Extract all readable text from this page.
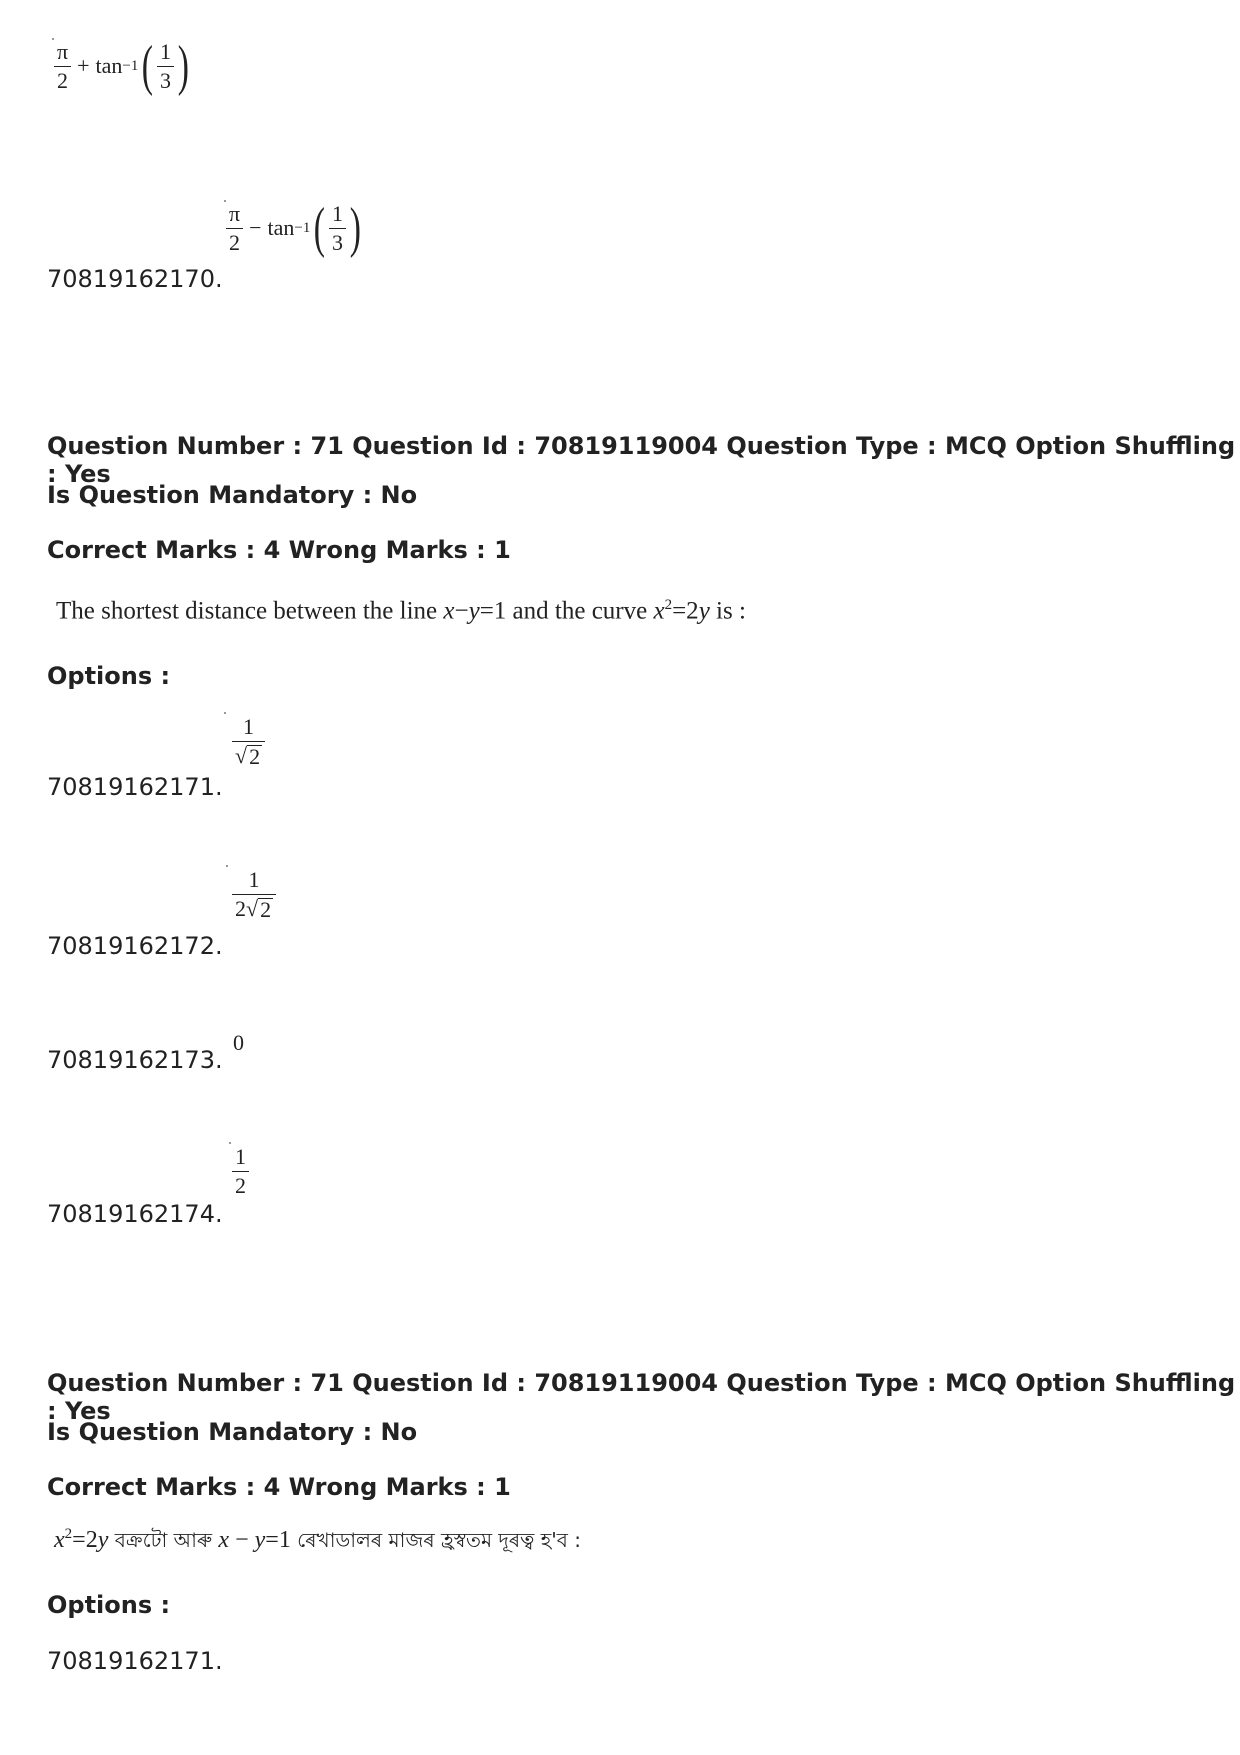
$\frac{\pi}{2} + \tan -1$ ( $\frac{1}{3}$ )
70819162170.
$\frac{\pi}{2} - \tan -1$ ( $\frac{1}{3}$ )
Question Number : 71 Question Id : 70819119004 Question Type : MCQ Option Shuffling : Yes
Is Question Mandatory : No
Correct Marks : 4 Wrong Marks : 1
The shortest distance between the line x−y=1 and the curve $x^2=2y$ is :
Options :
70819162171.
$\frac{1}{√ 2}$
70819162172.
$\frac{1}{2 √ 2}$
70819162173.
0
70819162174.
$\frac{1}{2}$
Question Number : 71 Question Id : 70819119004 Question Type : MCQ Option Shuffling : Yes
Is Question Mandatory : No
Correct Marks : 4 Wrong Marks : 1
$x^2=2y$ বক্ৰটো আৰু x − y=1 ৰেখাডালৰ মাজৰ হ্ৰস্বতম দূৰত্ব হ'ব :
Options :
70819162171.
